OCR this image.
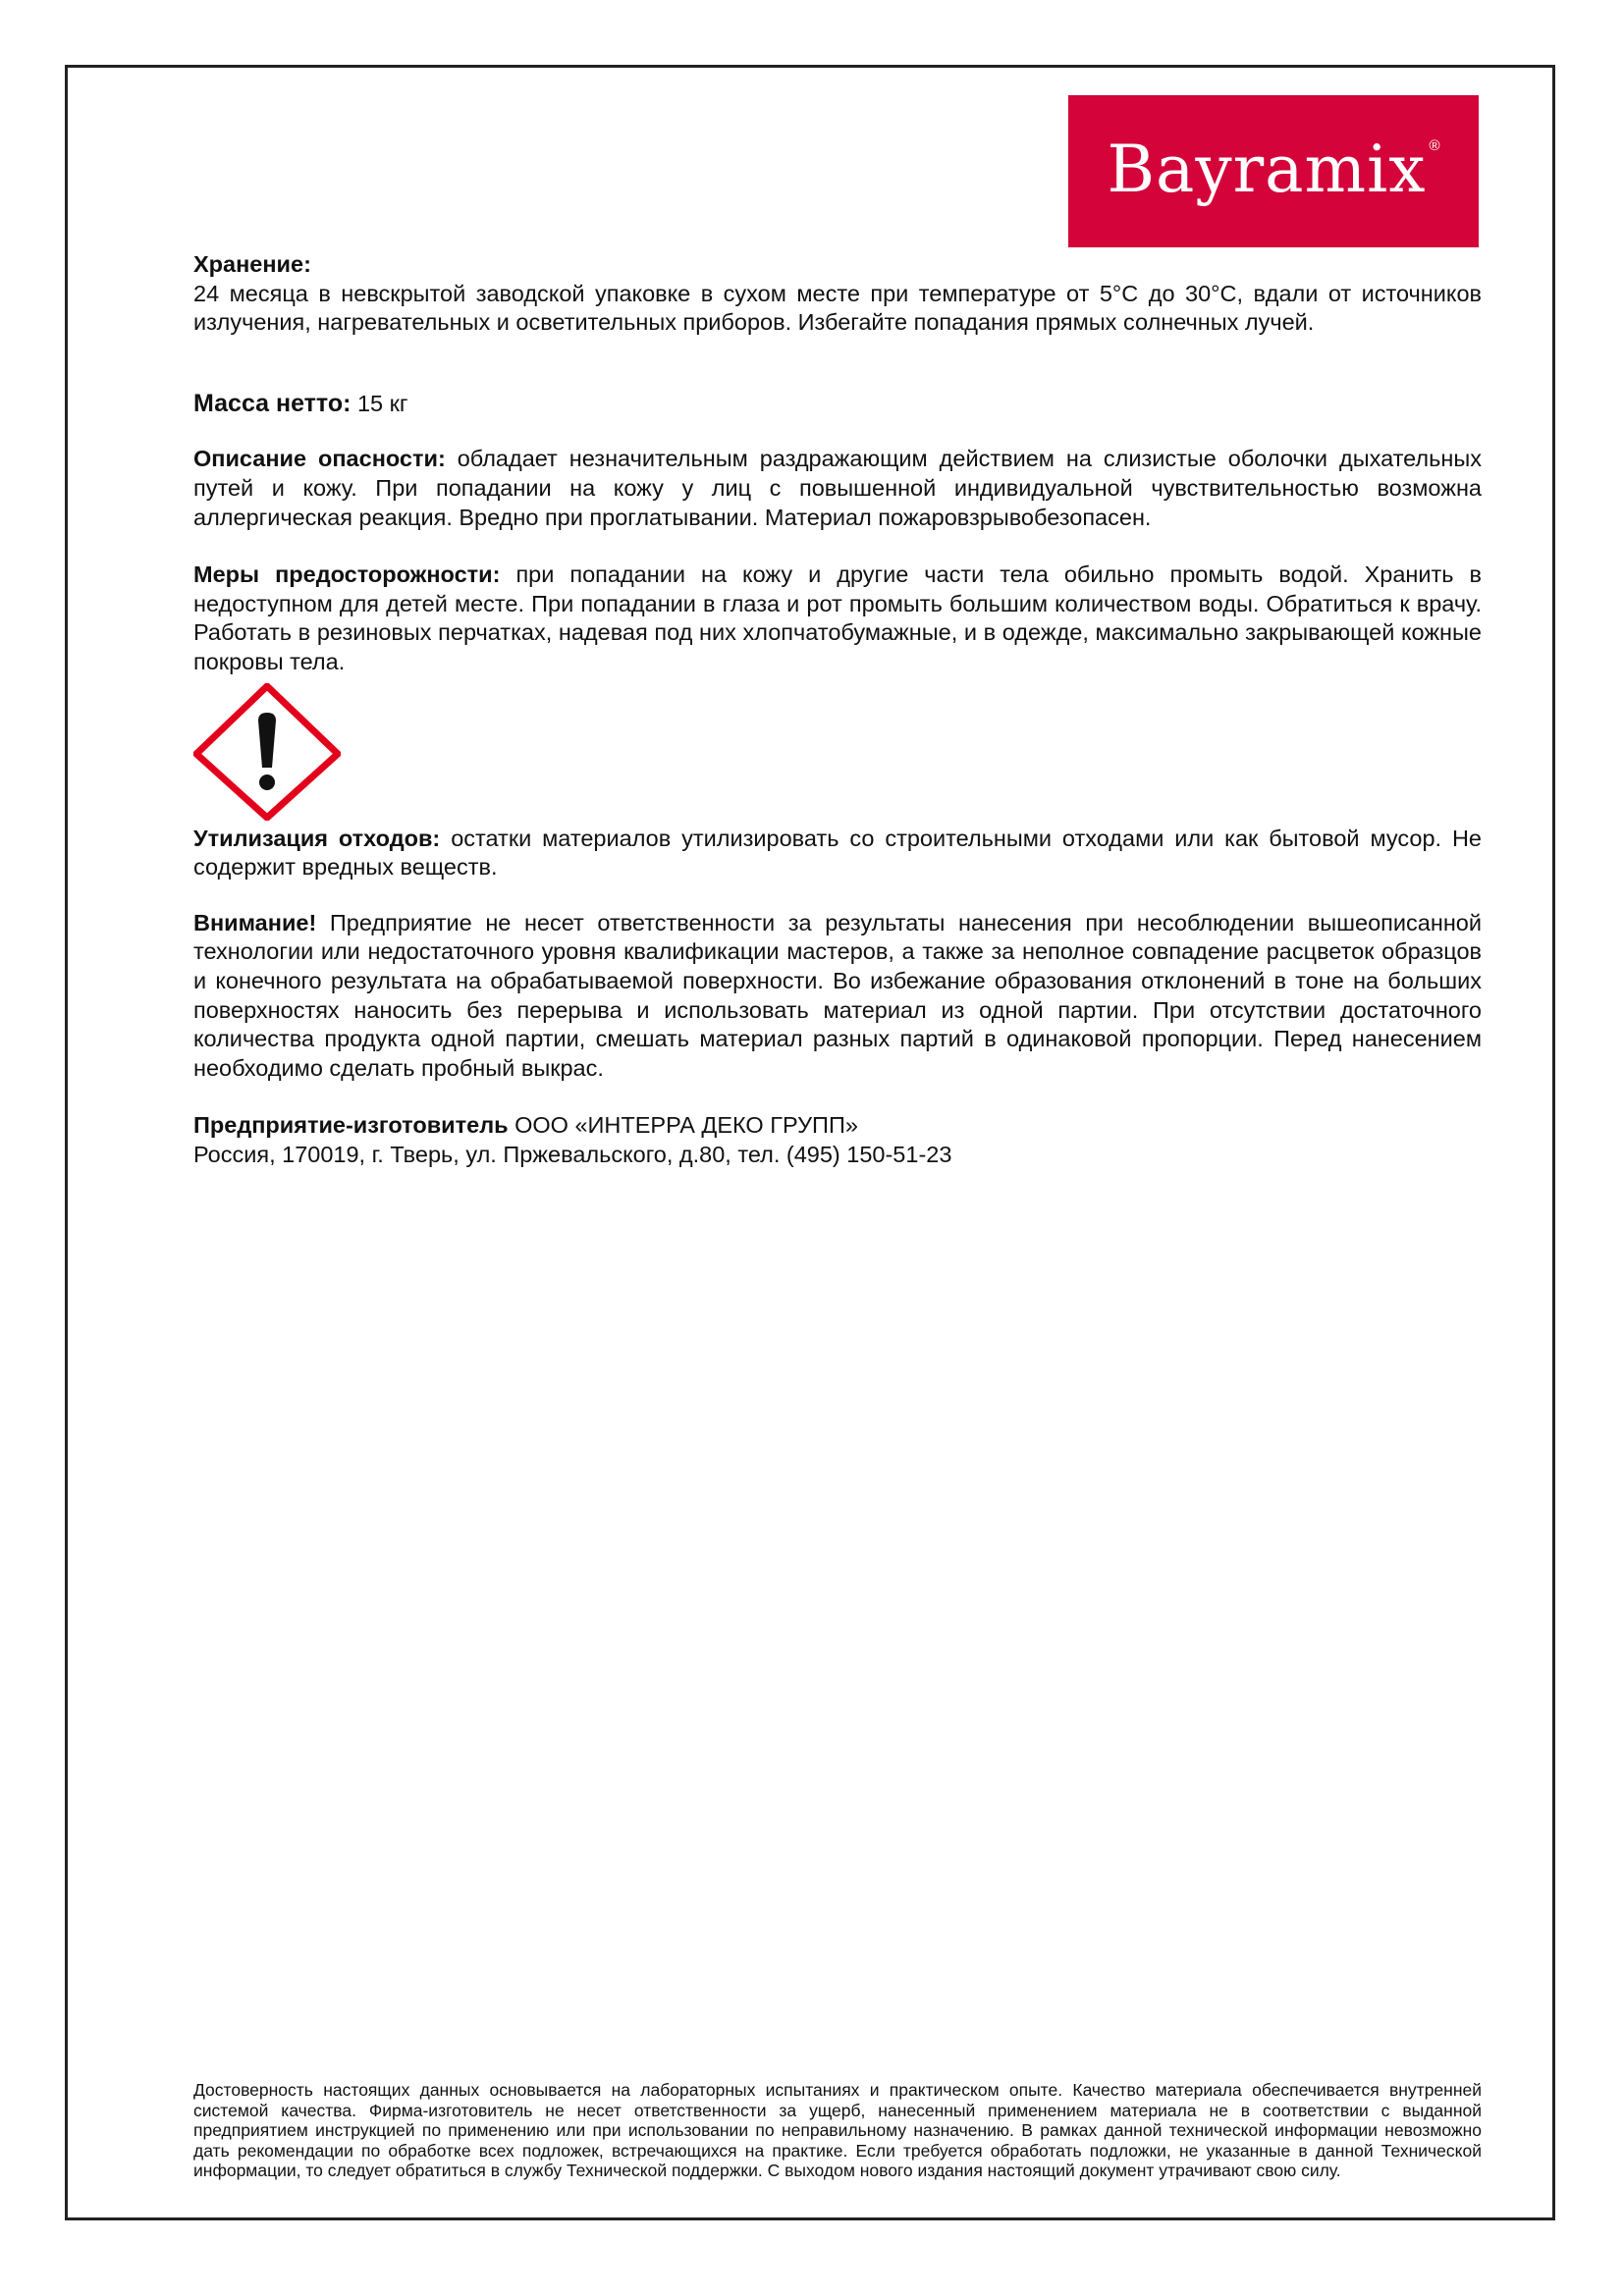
Bayramix ®
Хранение:

24 месяца в невскрытой заводской упаковке в сухом месте при температуре от 5°С до 30°С, вдали от источников излучения, нагревательных и осветительных приборов. Избегайте попадания прямых солнечных лучей.

Масса нетто: 15 кг

Описание опасности: обладает незначительным раздражающим действием на слизистые оболочки дыхательных путей и кожу. При попадании на кожу у лиц с повышенной индивидуальной чувствительностью возможна аллергическая реакция. Вредно при проглатывании. Материал пожаровзрывобезопасен.

Меры предосторожности: при попадании на кожу и другие части тела обильно промыть водой. Хранить в недоступном для детей месте. При попадании в глаза и рот промыть большим количеством воды. Обратиться к врачу. Работать в резиновых перчатках, надевая под них хлопчатобумажные, и в одежде, максимально закрывающей кожные покровы тела.

Утилизация отходов: остатки материалов утилизировать со строительными отходами или как бытовой мусор. Не содержит вредных веществ.

Внимание! Предприятие не несет ответственности за результаты нанесения при несоблюдении вышеописанной технологии или недостаточного уровня квалификации мастеров, а также за неполное совпадение расцветок образцов и конечного результата на обрабатываемой поверхности. Во избежание образования отклонений в тоне на больших поверхностях наносить без перерыва и использовать материал из одной партии. При отсутствии достаточного количества продукта одной партии, смешать материал разных партий в одинаковой пропорции. Перед нанесением необходимо сделать пробный выкрас.

Предприятие-изготовитель ООО «ИНТЕРРА ДЕКО ГРУПП»
Россия, 170019, г. Тверь, ул. Пржевальского, д.80, тел. (495) 150-51-23
Достоверность настоящих данных основывается на лабораторных испытаниях и практическом опыте. Качество материала обеспечивается внутренней системой качества. Фирма-изготовитель не несет ответственности за ущерб, нанесенный применением материала не в соответствии с выданной предприятием инструкцией по применению или при использовании по неправильному назначению. В рамках данной технической информации невозможно дать рекомендации по обработке всех подложек, встречающихся на практике. Если требуется обработать подложки, не указанные в данной Технической информации, то следует обратиться в службу Технической поддержки. С выходом нового издания настоящий документ утрачивают свою силу.
